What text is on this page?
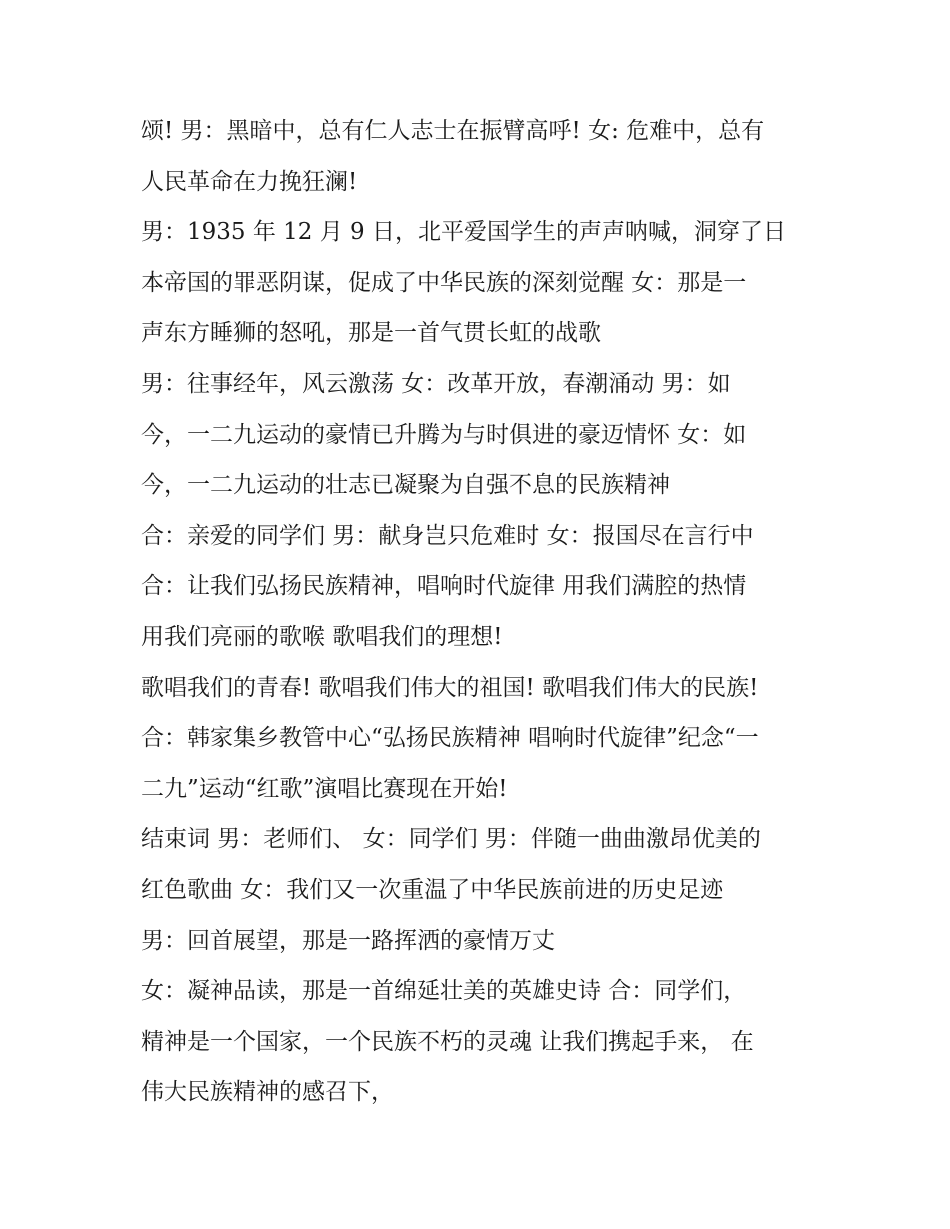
颂! 男：黑暗中，总有仁人志士在振臂高呼! 女: 危难中，总有
人民革命在力挽狂澜!
男：1935 年 12 月 9 日，北平爱国学生的声声呐喊，洞穿了日
本帝国的罪恶阴谋，促成了中华民族的深刻觉醒 女：那是一
声东方睡狮的怒吼，那是一首气贯长虹的战歌
男：往事经年，风云激荡 女：改革开放，春潮涌动 男：如
今，一二九运动的豪情已升腾为与时俱进的豪迈情怀 女：如
今，一二九运动的壮志已凝聚为自强不息的民族精神
合：亲爱的同学们 男：献身岂只危难时 女：报国尽在言行中
合：让我们弘扬民族精神，唱响时代旋律 用我们满腔的热情
用我们亮丽的歌喉 歌唱我们的理想!
歌唱我们的青春! 歌唱我们伟大的祖国! 歌唱我们伟大的民族!
合：韩家集乡教管中心“弘扬民族精神 唱响时代旋律”纪念“一
二九”运动“红歌”演唱比赛现在开始!
结束词 男：老师们、 女：同学们 男：伴随一曲曲激昂优美的
红色歌曲 女：我们又一次重温了中华民族前进的历史足迹
男：回首展望，那是一路挥洒的豪情万丈
女：凝神品读，那是一首绵延壮美的英雄史诗 合：同学们，
精神是一个国家，一个民族不朽的灵魂 让我们携起手来， 在
伟大民族精神的感召下，
